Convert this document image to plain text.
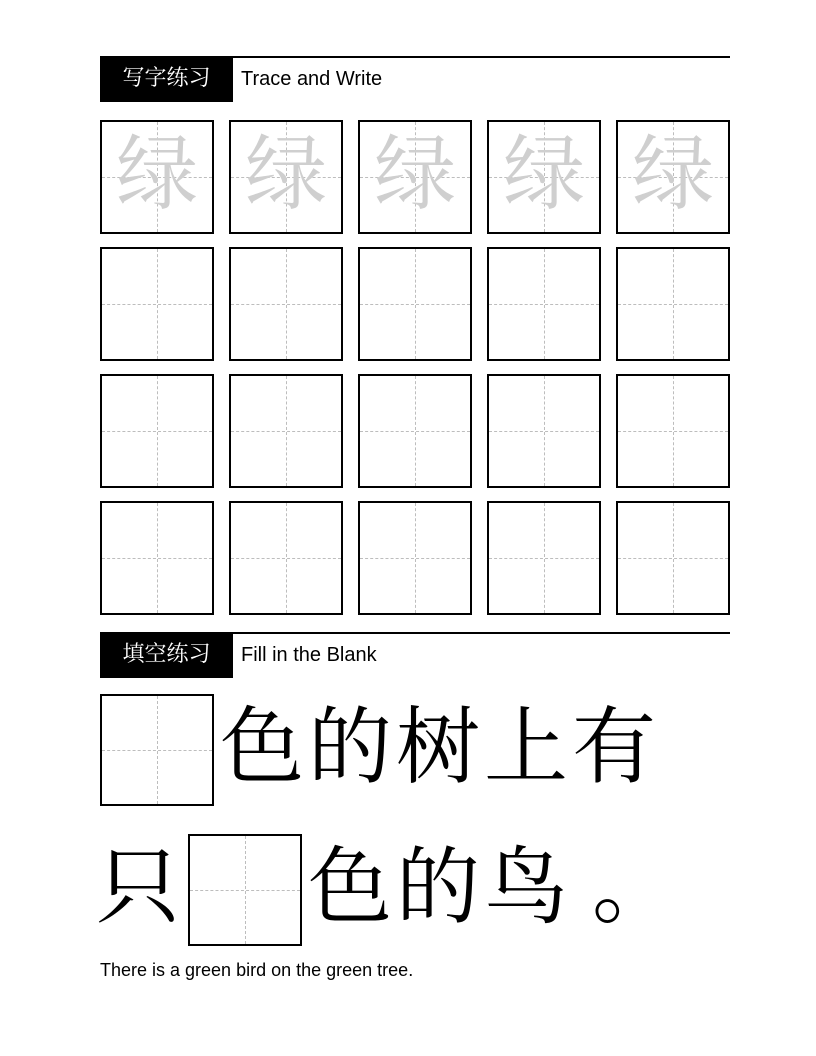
写字练习	Trace and Write
绿 绿 绿 绿 绿
填空练习	Fill in the Blank
色的树上有
只 色的鸟 。
There is a green bird on the green tree.
